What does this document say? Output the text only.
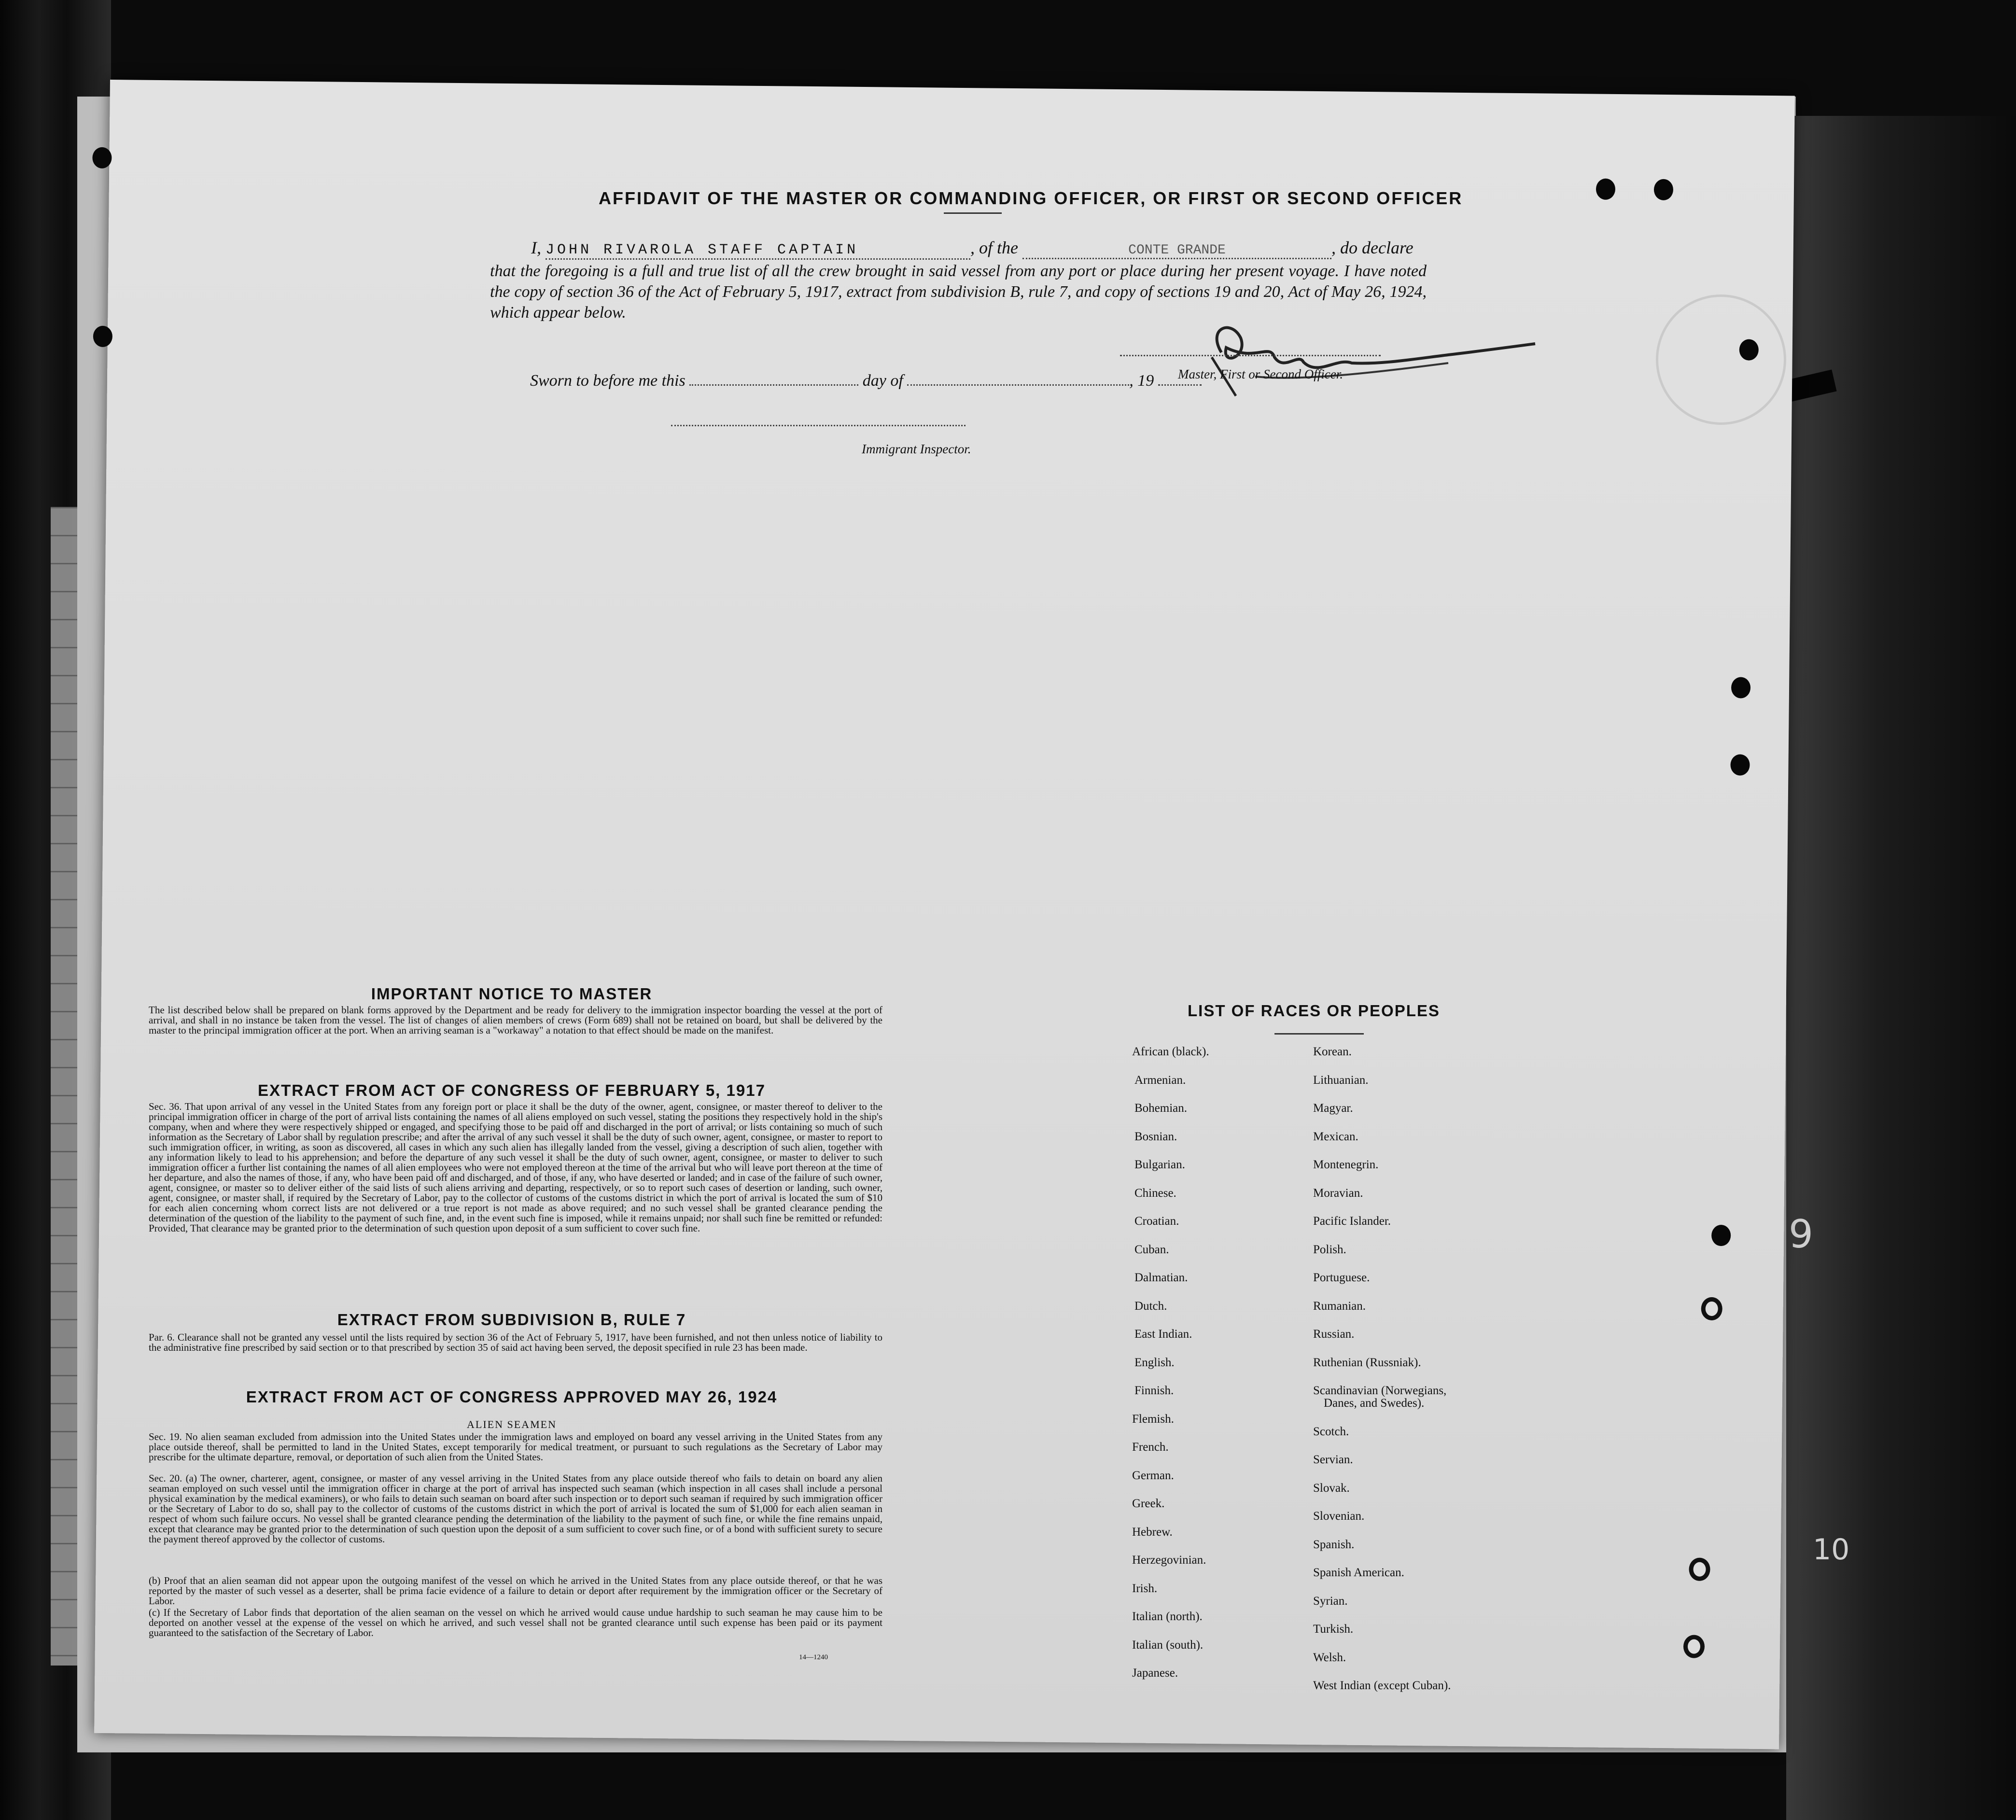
9
10
AFFIDAVIT OF THE MASTER OR COMMANDING OFFICER, OR FIRST OR SECOND OFFICER
I, JOHN RIVAROLA STAFF CAPTAIN	, of the	CONTE GRANDE	, do declare
that the foregoing is a full and true list of all the crew brought in said vessel from any port or place during her present voyage. I have noted the copy of section 36 of the Act of February 5, 1917, extract from subdivision B, rule 7, and copy of sections 19 and 20, Act of May 26, 1924, which appear below.
Master, First or Second Officer.
Sworn to before me this	day of	, 19
Immigrant Inspector.
IMPORTANT NOTICE TO MASTER
The list described below shall be prepared on blank forms approved by the Department and be ready for delivery to the immigration inspector boarding the vessel at the port of arrival, and shall in no instance be taken from the vessel. The list of changes of alien members of crews (Form 689) shall not be retained on board, but shall be delivered by the master to the principal immigration officer at the port. When an arriving seaman is a "workaway" a notation to that effect should be made on the manifest.
EXTRACT FROM ACT OF CONGRESS OF FEBRUARY 5, 1917
Sec. 36. That upon arrival of any vessel in the United States from any foreign port or place it shall be the duty of the owner, agent, consignee, or master thereof to deliver to the principal immigration officer in charge of the port of arrival lists containing the names of all aliens employed on such vessel, stating the positions they respectively hold in the ship's company, when and where they were respectively shipped or engaged, and specifying those to be paid off and discharged in the port of arrival; or lists containing so much of such information as the Secretary of Labor shall by regulation prescribe; and after the arrival of any such vessel it shall be the duty of such owner, agent, consignee, or master to report to such immigration officer, in writing, as soon as discovered, all cases in which any such alien has illegally landed from the vessel, giving a description of such alien, together with any information likely to lead to his apprehension; and before the departure of any such vessel it shall be the duty of such owner, agent, consignee, or master to deliver to such immigration officer a further list containing the names of all alien employees who were not employed thereon at the time of the arrival but who will leave port thereon at the time of her departure, and also the names of those, if any, who have been paid off and discharged, and of those, if any, who have deserted or landed; and in case of the failure of such owner, agent, consignee, or master so to deliver either of the said lists of such aliens arriving and departing, respectively, or so to report such cases of desertion or landing, such owner, agent, consignee, or master shall, if required by the Secretary of Labor, pay to the collector of customs of the customs district in which the port of arrival is located the sum of $10 for each alien concerning whom correct lists are not delivered or a true report is not made as above required; and no such vessel shall be granted clearance pending the determination of the question of the liability to the payment of such fine, and, in the event such fine is imposed, while it remains unpaid; nor shall such fine be remitted or refunded: Provided, That clearance may be granted prior to the determination of such question upon deposit of a sum sufficient to cover such fine.
EXTRACT FROM SUBDIVISION B, RULE 7
Par. 6. Clearance shall not be granted any vessel until the lists required by section 36 of the Act of February 5, 1917, have been furnished, and not then unless notice of liability to the administrative fine prescribed by said section or to that prescribed by section 35 of said act having been served, the deposit specified in rule 23 has been made.
EXTRACT FROM ACT OF CONGRESS APPROVED MAY 26, 1924
ALIEN SEAMEN
Sec. 19. No alien seaman excluded from admission into the United States under the immigration laws and employed on board any vessel arriving in the United States from any place outside thereof, shall be permitted to land in the United States, except temporarily for medical treatment, or pursuant to such regulations as the Secretary of Labor may prescribe for the ultimate departure, removal, or deportation of such alien from the United States.
Sec. 20. (a) The owner, charterer, agent, consignee, or master of any vessel arriving in the United States from any place outside thereof who fails to detain on board any alien seaman employed on such vessel until the immigration officer in charge at the port of arrival has inspected such seaman (which inspection in all cases shall include a personal physical examination by the medical examiners), or who fails to detain such seaman on board after such inspection or to deport such seaman if required by such immigration officer or the Secretary of Labor to do so, shall pay to the collector of customs of the customs district in which the port of arrival is located the sum of $1,000 for each alien seaman in respect of whom such failure occurs. No vessel shall be granted clearance pending the determination of the liability to the payment of such fine, or while the fine remains unpaid, except that clearance may be granted prior to the determination of such question upon the deposit of a sum sufficient to cover such fine, or of a bond with sufficient surety to secure the payment thereof approved by the collector of customs.
(b) Proof that an alien seaman did not appear upon the outgoing manifest of the vessel on which he arrived in the United States from any place outside thereof, or that he was reported by the master of such vessel as a deserter, shall be prima facie evidence of a failure to detain or deport after requirement by the immigration officer or the Secretary of Labor.
(c) If the Secretary of Labor finds that deportation of the alien seaman on the vessel on which he arrived would cause undue hardship to such seaman he may cause him to be deported on another vessel at the expense of the vessel on which he arrived, and such vessel shall not be granted clearance until such expense has been paid or its payment guaranteed to the satisfaction of the Secretary of Labor.
14—1240
LIST OF RACES OR PEOPLES
African (black).
Armenian.
Bohemian.
Bosnian.
Bulgarian.
Chinese.
Croatian.
Cuban.
Dalmatian.
Dutch.
East Indian.
English.
Finnish.
Flemish.
French.
German.
Greek.
Hebrew.
Herzegovinian.
Irish.
Italian (north).
Italian (south).
Japanese.
Korean.
Lithuanian.
Magyar.
Mexican.
Montenegrin.
Moravian.
Pacific Islander.
Polish.
Portuguese.
Rumanian.
Russian.
Ruthenian (Russniak).
Scandinavian (Norwegians,
Danes, and Swedes).
Scotch.
Servian.
Slovak.
Slovenian.
Spanish.
Spanish American.
Syrian.
Turkish.
Welsh.
West Indian (except Cuban).
